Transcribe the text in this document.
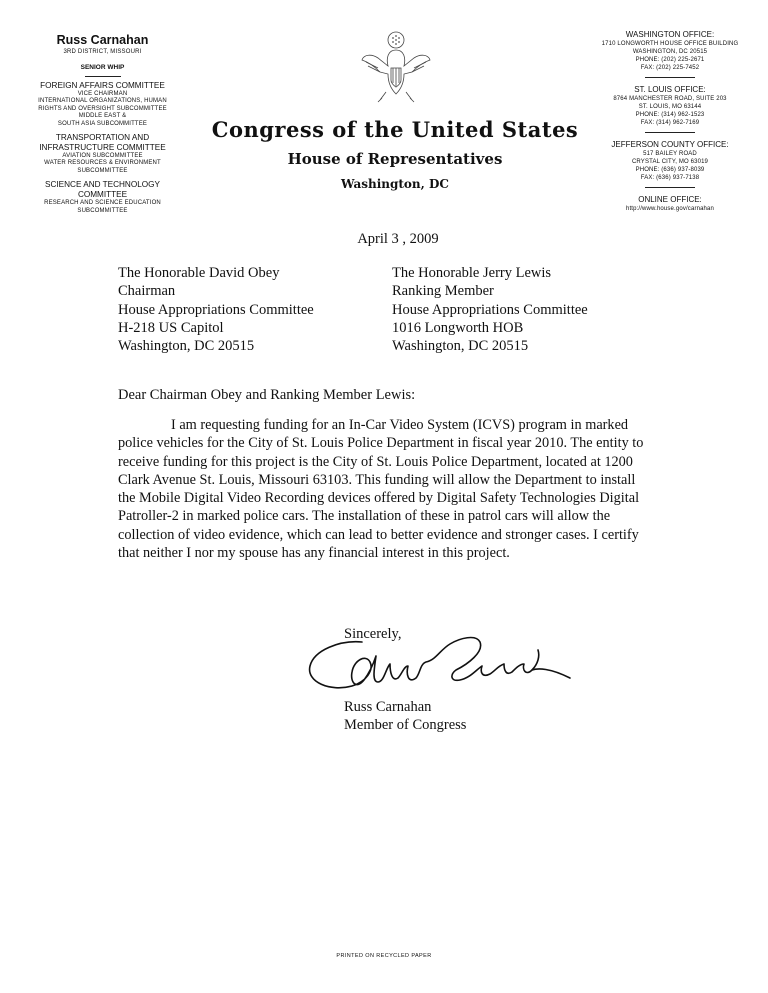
Russ Carnahan

3RD DISTRICT, MISSOURI

SENIOR WHIP

FOREIGN AFFAIRS COMMITTEE

VICE CHAIRMAN

INTERNATIONAL ORGANIZATIONS, HUMAN

RIGHTS AND OVERSIGHT SUBCOMMITTEE

MIDDLE EAST &

SOUTH ASIA SUBCOMMITTEE

TRANSPORTATION AND

INFRASTRUCTURE COMMITTEE

AVIATION SUBCOMMITTEE

WATER RESOURCES & ENVIRONMENT

SUBCOMMITTEE

SCIENCE AND TECHNOLOGY

COMMITTEE

RESEARCH AND SCIENCE EDUCATION

SUBCOMMITTEE

Congress of the United States
House of Representatives
Washington, DC

WASHINGTON OFFICE:

1710 LONGWORTH HOUSE OFFICE BUILDING

WASHINGTON, DC 20515

PHONE: (202) 225-2671

FAX: (202) 225-7452

ST. LOUIS OFFICE:

8764 MANCHESTER ROAD, SUITE 203

ST. LOUIS, MO 63144

PHONE: (314) 962-1523

FAX: (314) 962-7169

JEFFERSON COUNTY OFFICE:

517 BAILEY ROAD

CRYSTAL CITY, MO 63019

PHONE: (636) 937-8039

FAX: (636) 937-7138

ONLINE OFFICE:

http://www.house.gov/carnahan

April 3 , 2009
The Honorable David Obey
Chairman
House Appropriations Committee
H-218 US Capitol
Washington, DC 20515
The Honorable Jerry Lewis
Ranking Member
House Appropriations Committee
1016 Longworth HOB
Washington, DC 20515
Dear Chairman Obey and Ranking Member Lewis:
I am requesting funding for an In-Car Video System (ICVS) program in marked police vehicles for the City of St. Louis Police Department in fiscal year 2010. The entity to receive funding for this project is the City of St. Louis Police Department, located at 1200 Clark Avenue St. Louis, Missouri 63103. This funding will allow the Department to install the Mobile Digital Video Recording devices offered by Digital Safety Technologies Digital Patroller-2 in marked police cars. The installation of these in patrol cars will allow the collection of video evidence, which can lead to better evidence and stronger cases. I certify that neither I nor my spouse has any financial interest in this project.
Sincerely,
Russ Carnahan
Member of Congress
PRINTED ON RECYCLED PAPER
